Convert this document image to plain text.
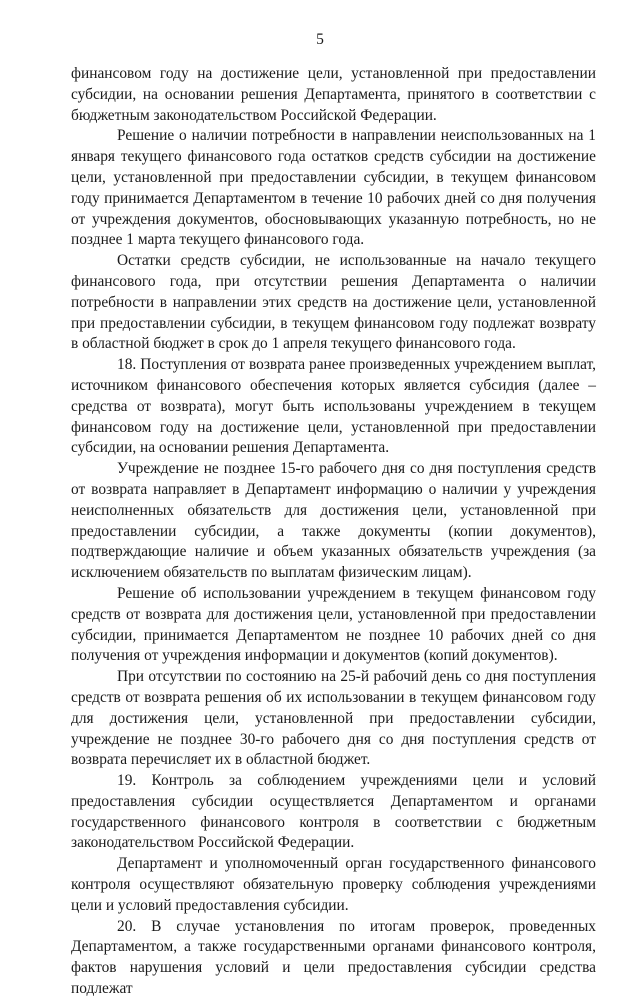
5

финансовом году на достижение цели, установленной при предоставлении субсидии, на основании решения Департамента, принятого в соответствии с бюджетным законодательством Российской Федерации.

Решение о наличии потребности в направлении неиспользованных на 1 января текущего финансового года остатков средств субсидии на достижение цели, установленной при предоставлении субсидии, в текущем финансовом году принимается Департаментом в течение 10 рабочих дней со дня получения от учреждения документов, обосновывающих указанную потребность, но не позднее 1 марта текущего финансового года.

Остатки средств субсидии, не использованные на начало текущего финансового года, при отсутствии решения Департамента о наличии потребности в направлении этих средств на достижение цели, установленной при предоставлении субсидии, в текущем финансовом году подлежат возврату в областной бюджет в срок до 1 апреля текущего финансового года.

18. Поступления от возврата ранее произведенных учреждением выплат, источником финансового обеспечения которых является субсидия (далее – средства от возврата), могут быть использованы учреждением в текущем финансовом году на достижение цели, установленной при предоставлении субсидии, на основании решения Департамента.

Учреждение не позднее 15-го рабочего дня со дня поступления средств от возврата направляет в Департамент информацию о наличии у учреждения неисполненных обязательств для достижения цели, установленной при предоставлении субсидии, а также документы (копии документов), подтверждающие наличие и объем указанных обязательств учреждения (за исключением обязательств по выплатам физическим лицам).

Решение об использовании учреждением в текущем финансовом году средств от возврата для достижения цели, установленной при предоставлении субсидии, принимается Департаментом не позднее 10 рабочих дней со дня получения от учреждения информации и документов (копий документов).

При отсутствии по состоянию на 25-й рабочий день со дня поступления средств от возврата решения об их использовании в текущем финансовом году для достижения цели, установленной при предоставлении субсидии, учреждение не позднее 30-го рабочего дня со дня поступления средств от возврата перечисляет их в областной бюджет.

19. Контроль за соблюдением учреждениями цели и условий предоставления субсидии осуществляется Департаментом и органами государственного финансового контроля в соответствии с бюджетным законодательством Российской Федерации.

Департамент и уполномоченный орган государственного финансового контроля осуществляют обязательную проверку соблюдения учреждениями цели и условий предоставления субсидии.

20. В случае установления по итогам проверок, проведенных Департаментом, а также государственными органами финансового контроля, фактов нарушения условий и цели предоставления субсидии средства подлежат
